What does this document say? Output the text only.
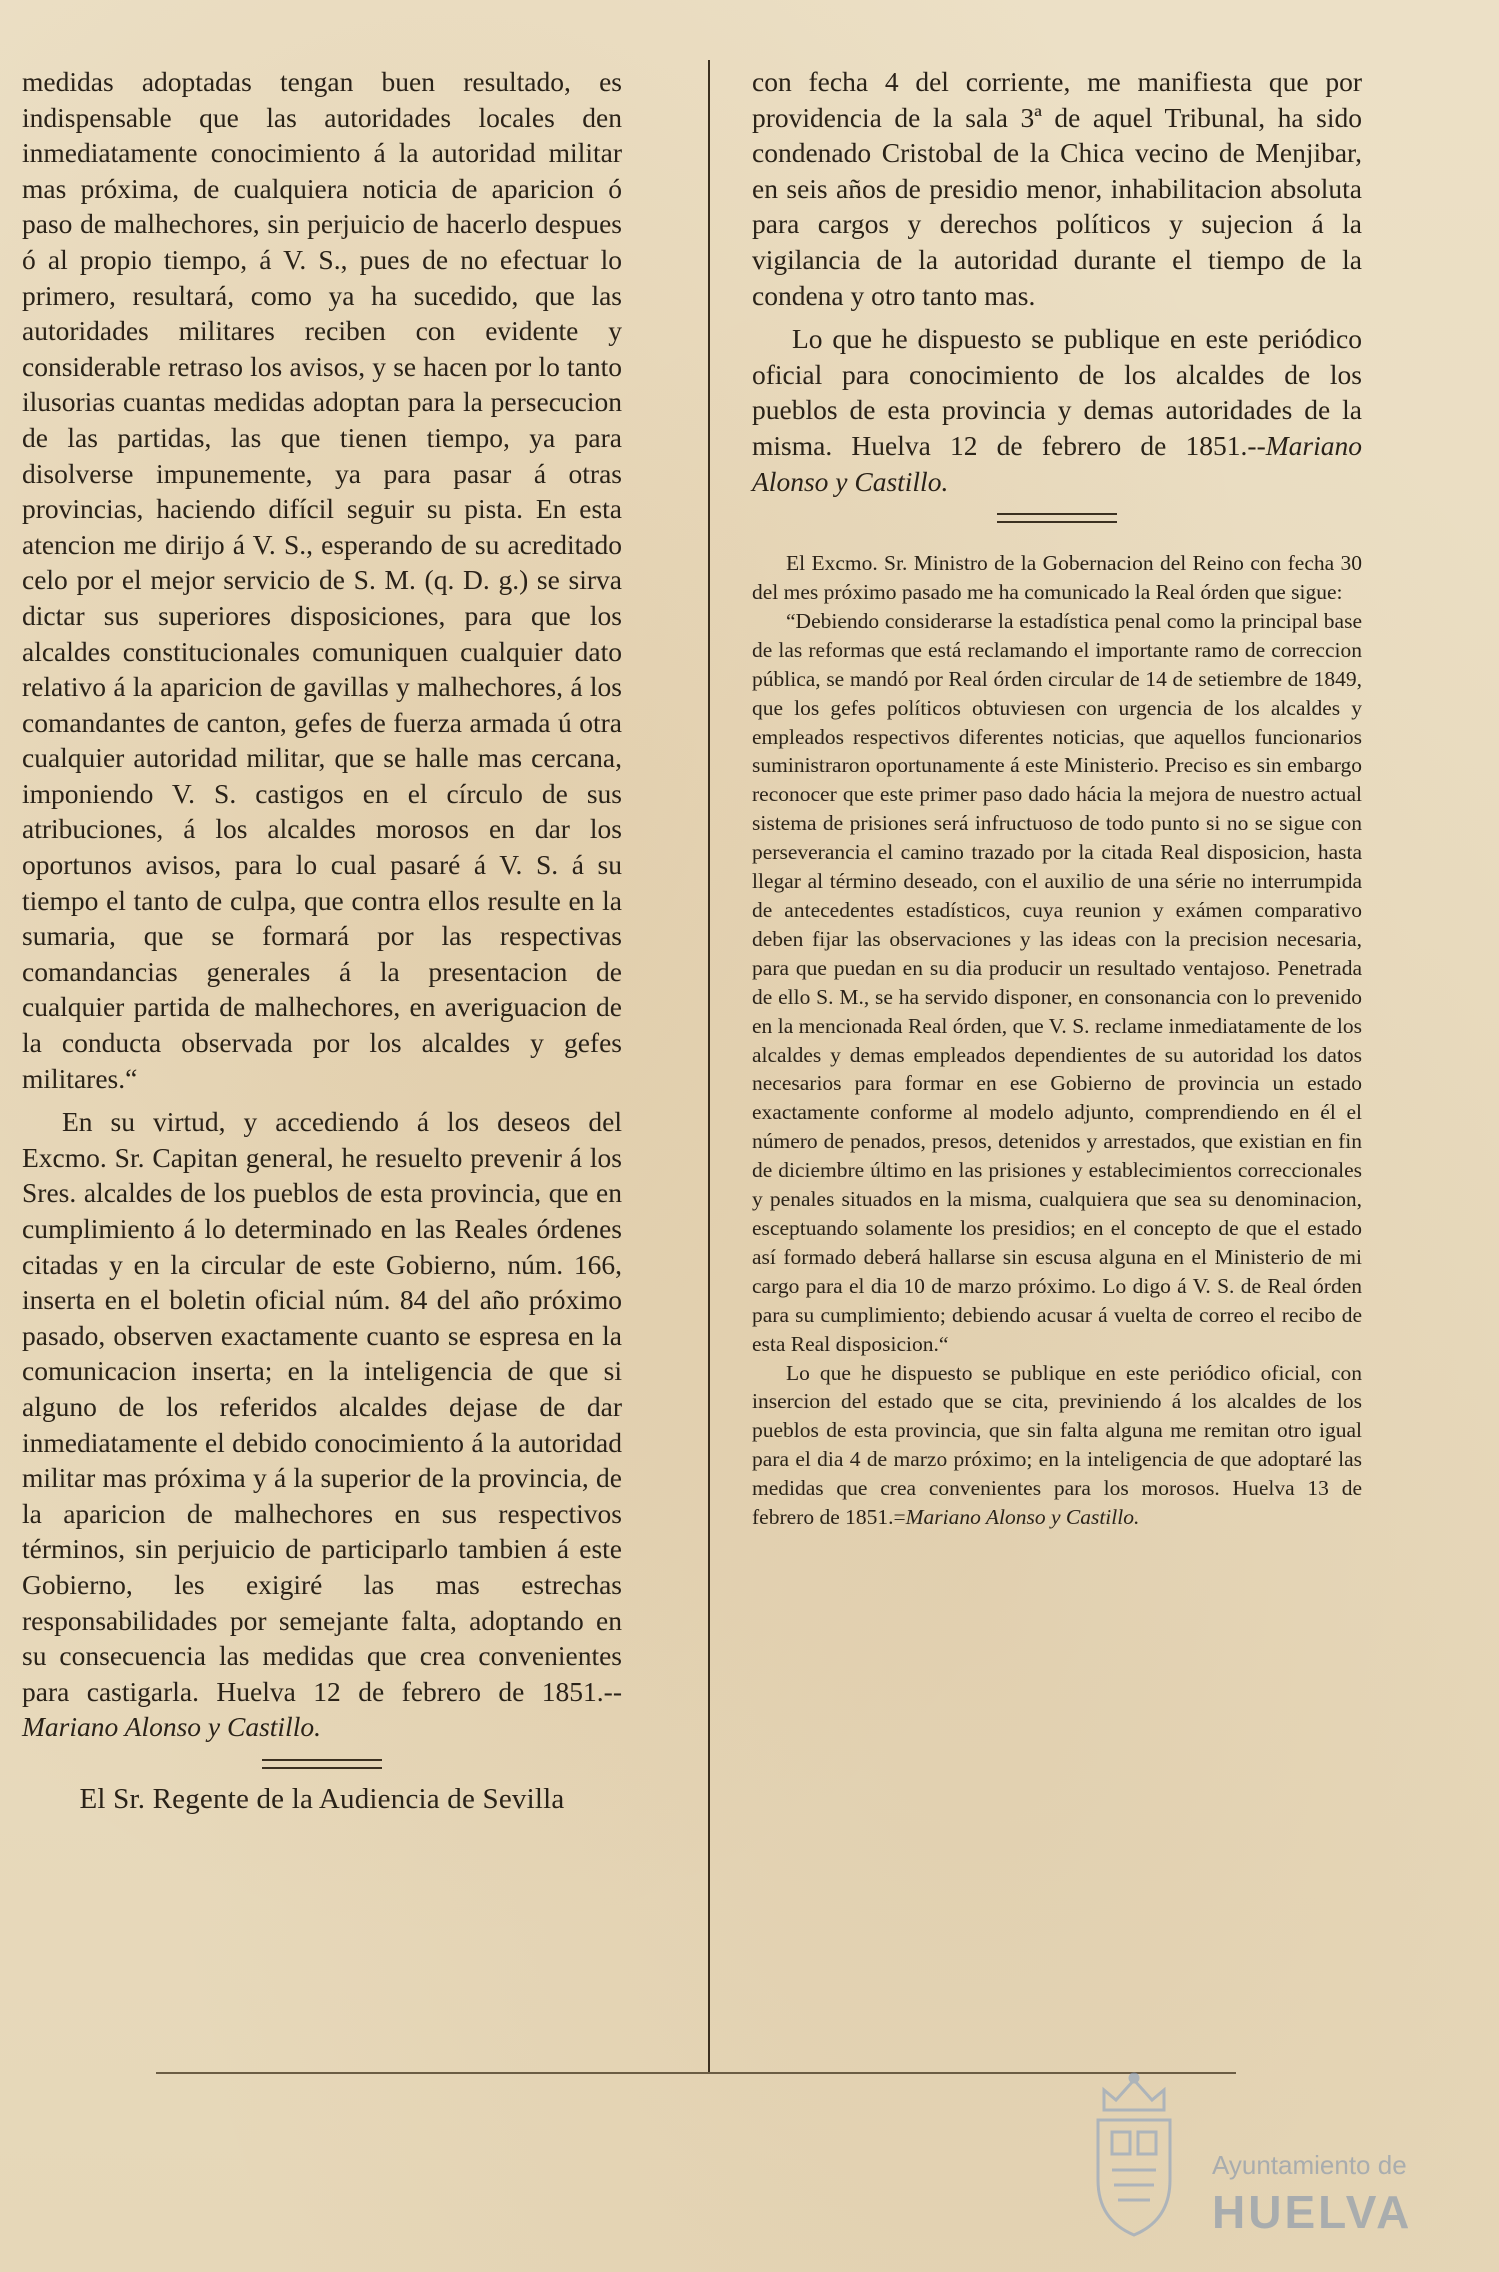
medidas adoptadas tengan buen resultado, es indispensable que las autoridades locales den inmediatamente conocimiento á la autoridad militar mas próxima, de cualquiera noticia de aparicion ó paso de malhechores, sin perjuicio de hacerlo despues ó al propio tiempo, á V. S., pues de no efectuar lo primero, resultará, como ya ha sucedido, que las autoridades militares reciben con evidente y considerable retraso los avisos, y se hacen por lo tanto ilusorias cuantas medidas adoptan para la persecucion de las partidas, las que tienen tiempo, ya para disolverse impunemente, ya para pasar á otras provincias, haciendo difícil seguir su pista. En esta atencion me dirijo á V. S., esperando de su acreditado celo por el mejor servicio de S. M. (q. D. g.) se sirva dictar sus superiores disposiciones, para que los alcaldes constitucionales comuniquen cualquier dato relativo á la aparicion de gavillas y malhechores, á los comandantes de canton, gefes de fuerza armada ú otra cualquier autoridad militar, que se halle mas cercana, imponiendo V. S. castigos en el círculo de sus atribuciones, á los alcaldes morosos en dar los oportunos avisos, para lo cual pasaré á V. S. á su tiempo el tanto de culpa, que contra ellos resulte en la sumaria, que se formará por las respectivas comandancias generales á la presentacion de cualquier partida de malhechores, en averiguacion de la conducta observada por los alcaldes y gefes militares.“

En su virtud, y accediendo á los deseos del Excmo. Sr. Capitan general, he resuelto prevenir á los Sres. alcaldes de los pueblos de esta provincia, que en cumplimiento á lo determinado en las Reales órdenes citadas y en la circular de este Gobierno, núm. 166, inserta en el boletin oficial núm. 84 del año próximo pasado, observen exactamente cuanto se espresa en la comunicacion inserta; en la inteligencia de que si alguno de los referidos alcaldes dejase de dar inmediatamente el debido conocimiento á la autoridad militar mas próxima y á la superior de la provincia, de la aparicion de malhechores en sus respectivos términos, sin perjuicio de participarlo tambien á este Gobierno, les exigiré las mas estrechas responsabilidades por semejante falta, adoptando en su consecuencia las medidas que crea convenientes para castigarla. Huelva 12 de febrero de 1851.--Mariano Alonso y Castillo.

El Sr. Regente de la Audiencia de Sevilla

con fecha 4 del corriente, me manifiesta que por providencia de la sala 3ª de aquel Tribunal, ha sido condenado Cristobal de la Chica vecino de Menjibar, en seis años de presidio menor, inhabilitacion absoluta para cargos y derechos políticos y sujecion á la vigilancia de la autoridad durante el tiempo de la condena y otro tanto mas.

Lo que he dispuesto se publique en este periódico oficial para conocimiento de los alcaldes de los pueblos de esta provincia y demas autoridades de la misma. Huelva 12 de febrero de 1851.--Mariano Alonso y Castillo.

El Excmo. Sr. Ministro de la Gobernacion del Reino con fecha 30 del mes próximo pasado me ha comunicado la Real órden que sigue:

“Debiendo considerarse la estadística penal como la principal base de las reformas que está reclamando el importante ramo de correccion pública, se mandó por Real órden circular de 14 de setiembre de 1849, que los gefes políticos obtuviesen con urgencia de los alcaldes y empleados respectivos diferentes noticias, que aquellos funcionarios suministraron oportunamente á este Ministerio. Preciso es sin embargo reconocer que este primer paso dado hácia la mejora de nuestro actual sistema de prisiones será infructuoso de todo punto si no se sigue con perseverancia el camino trazado por la citada Real disposicion, hasta llegar al término deseado, con el auxilio de una série no interrumpida de antecedentes estadísticos, cuya reunion y exámen comparativo deben fijar las observaciones y las ideas con la precision necesaria, para que puedan en su dia producir un resultado ventajoso. Penetrada de ello S. M., se ha servido disponer, en consonancia con lo prevenido en la mencionada Real órden, que V. S. reclame inmediatamente de los alcaldes y demas empleados dependientes de su autoridad los datos necesarios para formar en ese Gobierno de provincia un estado exactamente conforme al modelo adjunto, comprendiendo en él el número de penados, presos, detenidos y arrestados, que existian en fin de diciembre último en las prisiones y establecimientos correccionales y penales situados en la misma, cualquiera que sea su denominacion, esceptuando solamente los presidios; en el concepto de que el estado así formado deberá hallarse sin escusa alguna en el Ministerio de mi cargo para el dia 10 de marzo próximo. Lo digo á V. S. de Real órden para su cumplimiento; debiendo acusar á vuelta de correo el recibo de esta Real disposicion.“

Lo que he dispuesto se publique en este periódico oficial, con insercion del estado que se cita, previniendo á los alcaldes de los pueblos de esta provincia, que sin falta alguna me remitan otro igual para el dia 4 de marzo próximo; en la inteligencia de que adoptaré las medidas que crea convenientes para los morosos. Huelva 13 de febrero de 1851.=Mariano Alonso y Castillo.

Ayuntamiento de
HUELVA
